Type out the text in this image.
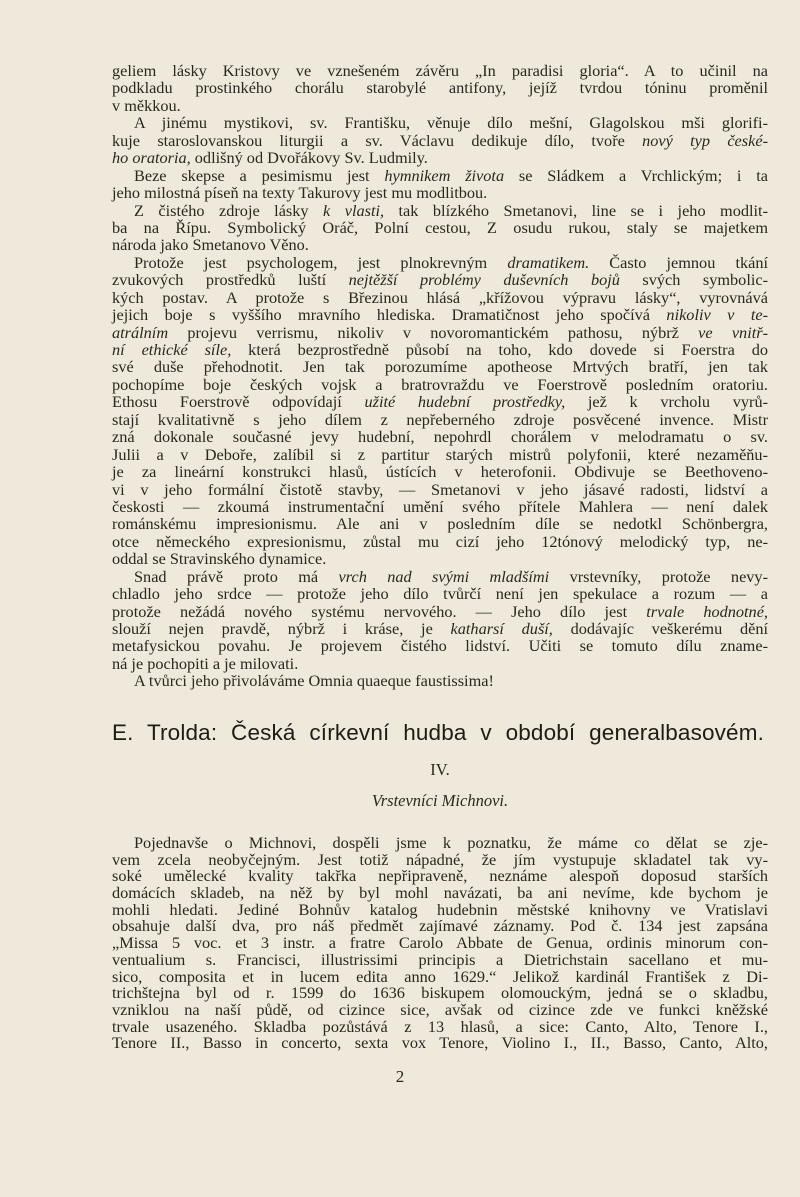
geliem lásky Kristovy ve vznešeném závěru „In paradisi gloria“. A to učinil na
podkladu prostinkého chorálu starobylé antifony, jejíž tvrdou tóninu proměnil
v měkkou.
A jinému mystikovi, sv. Františku, věnuje dílo mešní, Glagolskou mši glorifi-
kuje staroslovanskou liturgii a sv. Václavu dedikuje dílo, tvoře nový typ české-
ho oratoria, odlišný od Dvořákovy Sv. Ludmily.
Beze skepse a pesimismu jest hymnikem života se Sládkem a Vrchlickým; i ta
jeho milostná píseň na texty Takurovy jest mu modlitbou.
Z čistého zdroje lásky k vlasti, tak blízkého Smetanovi, line se i jeho modlit-
ba na Řípu. Symbolický Oráč, Polní cestou, Z osudu rukou, staly se majetkem
národa jako Smetanovo Věno.
Protože jest psychologem, jest plnokrevným dramatikem. Často jemnou tkání
zvukových prostředků luští nejtěžší problémy duševních bojů svých symbolic-
kých postav. A protože s Březinou hlásá „křížovou výpravu lásky“, vyrovnává
jejich boje s vyššího mravního hlediska. Dramatičnost jeho spočívá nikoliv v te-
atrálním projevu verrismu, nikoliv v novoromantickém pathosu, nýbrž ve vnitř-
ní ethické síle, která bezprostředně působí na toho, kdo dovede si Foerstra do
své duše přehodnotit. Jen tak porozumíme apotheose Mrtvých bratří, jen tak
pochopíme boje českých vojsk a bratrovraždu ve Foerstrově posledním oratoriu.
Ethosu Foerstrově odpovídají užité hudební prostředky, jež k vrcholu vyrů-
stají kvalitativně s jeho dílem z nepřeberného zdroje posvěcené invence. Mistr
zná dokonale současné jevy hudební, nepohrdl chorálem v melodramatu o sv.
Julii a v Deboře, zalíbil si z partitur starých mistrů polyfonii, které nezaměňu-
je za lineární konstrukci hlasů, ústících v heterofonii. Obdivuje se Beethoveno-
vi v jeho formální čistotě stavby, — Smetanovi v jeho jásavé radosti, lidství a
českosti — zkoumá instrumentační umění svého přítele Mahlera — není dalek
románskému impresionismu. Ale ani v posledním díle se nedotkl Schönbergra,
otce německého expresionismu, zůstal mu cizí jeho 12tónový melodický typ, ne-
oddal se Stravinského dynamice.
Snad právě proto má vrch nad svými mladšími vrstevníky, protože nevy-
chladlo jeho srdce — protože jeho dílo tvůrčí není jen spekulace a rozum — a
protože nežádá nového systému nervového. — Jeho dílo jest trvale hodnotné,
slouží nejen pravdě, nýbrž i kráse, je katharsí duší, dodávajíc veškerému dění
metafysickou povahu. Je projevem čistého lidství. Učiti se tomuto dílu zname-
ná je pochopiti a je milovati.
A tvůrci jeho přivoláváme Omnia quaeque faustissima!
E. Trolda: Česká církevní hudba v období generalbasovém.
IV.
Vrstevníci Michnovi.
Pojednavše o Michnovi, dospěli jsme k poznatku, že máme co dělat se zje-
vem zcela neobyčejným. Jest totiž nápadné, že jím vystupuje skladatel tak vy-
soké umělecké kvality takřka nepřipraveně, neznáme alespoň doposud starších
domácích skladeb, na něž by byl mohl navázati, ba ani nevíme, kde bychom je
mohli hledati. Jediné Bohnův katalog hudebnin městské knihovny ve Vratislavi
obsahuje další dva, pro náš předmět zajímavé záznamy. Pod č. 134 jest zapsána
„Missa 5 voc. et 3 instr. a fratre Carolo Abbate de Genua, ordinis minorum con-
ventualium s. Francisci, illustrissimi principis a Dietrichstain sacellano et mu-
sico, composita et in lucem edita anno 1629.“ Jelikož kardinál František z Di-
trichštejna byl od r. 1599 do 1636 biskupem olomouckým, jedná se o skladbu,
vzniklou na naší půdě, od cizince sice, avšak od cizince zde ve funkci kněžské
trvale usazeného. Skladba pozůstává z 13 hlasů, a sice: Canto, Alto, Tenore I.,
Tenore II., Basso in concerto, sexta vox Tenore, Violino I., II., Basso, Canto, Alto,
2
